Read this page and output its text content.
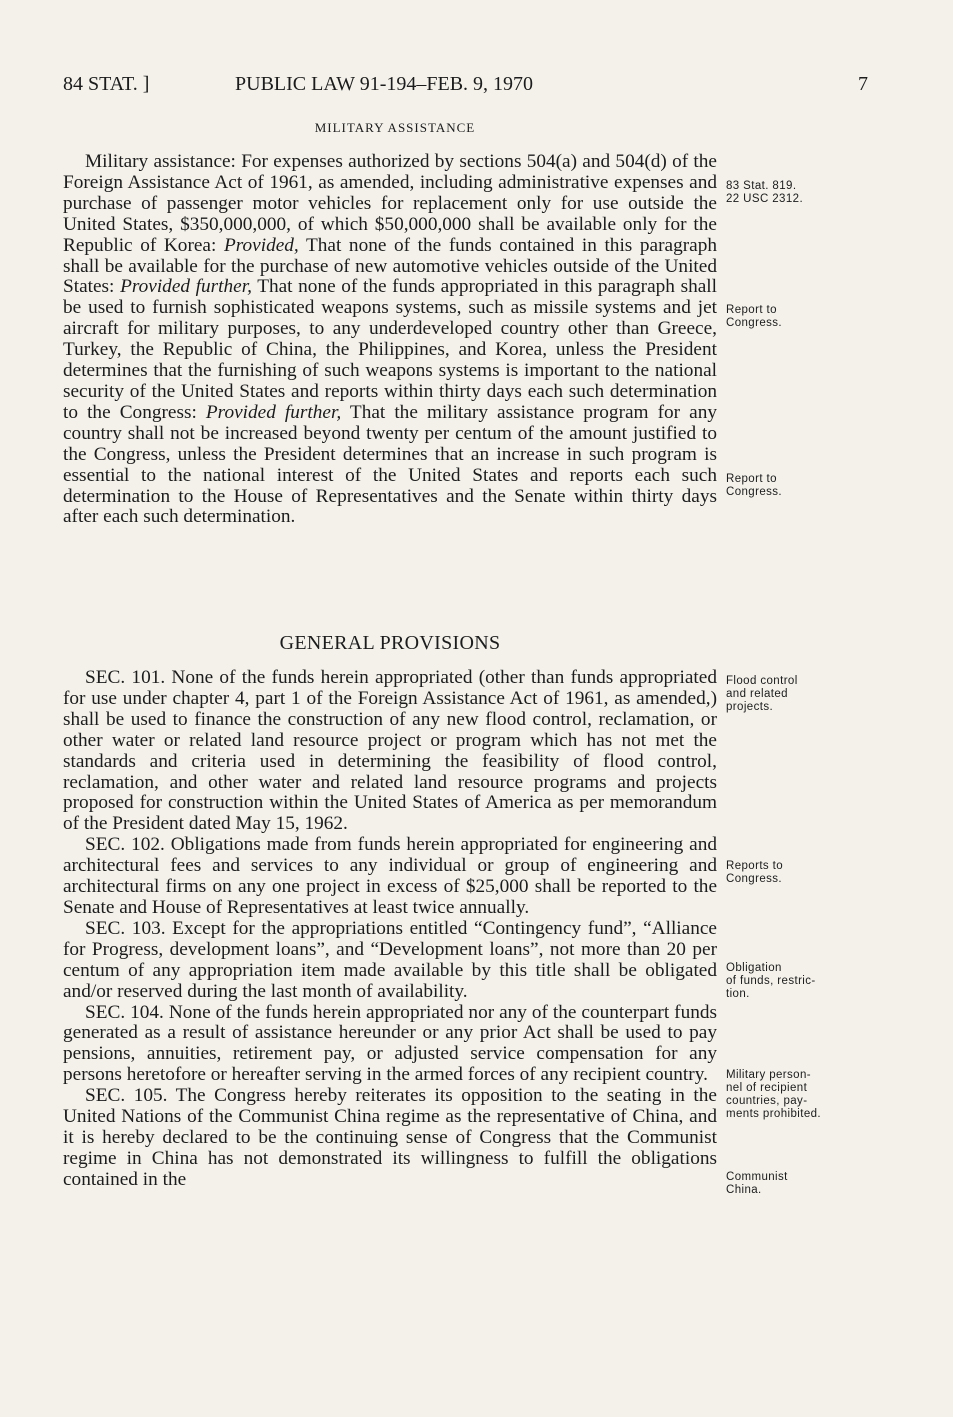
84 STAT. ]	PUBLIC LAW 91-194–FEB. 9, 1970	7
MILITARY ASSISTANCE

Military assistance: For expenses authorized by sections 504(a) and 504(d) of the Foreign Assistance Act of 1961, as amended, including administrative expenses and purchase of passenger motor vehicles for replacement only for use outside the United States, $350,000,000, of which $50,000,000 shall be available only for the Republic of Korea: Provided, That none of the funds contained in this paragraph shall be available for the purchase of new automotive vehicles outside of the United States: Provided further, That none of the funds appropriated in this paragraph shall be used to furnish sophisticated weapons systems, such as missile systems and jet aircraft for military purposes, to any underdeveloped country other than Greece, Turkey, the Republic of China, the Philippines, and Korea, unless the President determines that the furnishing of such weapons systems is important to the national security of the United States and reports within thirty days each such determination to the Congress: Provided further, That the military assistance program for any country shall not be increased beyond twenty per centum of the amount justified to the Congress, unless the President determines that an increase in such program is essential to the national interest of the United States and reports each such determination to the House of Representatives and the Senate within thirty days after each such determination.

GENERAL PROVISIONS

SEC. 101. None of the funds herein appropriated (other than funds appropriated for use under chapter 4, part 1 of the Foreign Assistance Act of 1961, as amended,) shall be used to finance the construction of any new flood control, reclamation, or other water or related land resource project or program which has not met the standards and criteria used in determining the feasibility of flood control, reclamation, and other water and related land resource programs and projects proposed for construction within the United States of America as per memorandum of the President dated May 15, 1962.

SEC. 102. Obligations made from funds herein appropriated for engineering and architectural fees and services to any individual or group of engineering and architectural firms on any one project in excess of $25,000 shall be reported to the Senate and House of Representatives at least twice annually.

SEC. 103. Except for the appropriations entitled “Contingency fund”, “Alliance for Progress, development loans”, and “Development loans”, not more than 20 per centum of any appropriation item made available by this title shall be obligated and/or reserved during the last month of availability.

SEC. 104. None of the funds herein appropriated nor any of the counterpart funds generated as a result of assistance hereunder or any prior Act shall be used to pay pensions, annuities, retirement pay, or adjusted service compensation for any persons heretofore or hereafter serving in the armed forces of any recipient country.

SEC. 105. The Congress hereby reiterates its opposition to the seating in the United Nations of the Communist China regime as the representative of China, and it is hereby declared to be the continuing sense of Congress that the Communist regime in China has not demonstrated its willingness to fulfill the obligations contained in the

83 Stat. 819.
22 USC 2312.
Report to
Congress.
Report to
Congress.
Flood control
and related
projects.
Reports to
Congress.
Obligation
of funds, restric-
tion.
Military person-
nel of recipient
countries, pay-
ments prohibited.
Communist
China.
